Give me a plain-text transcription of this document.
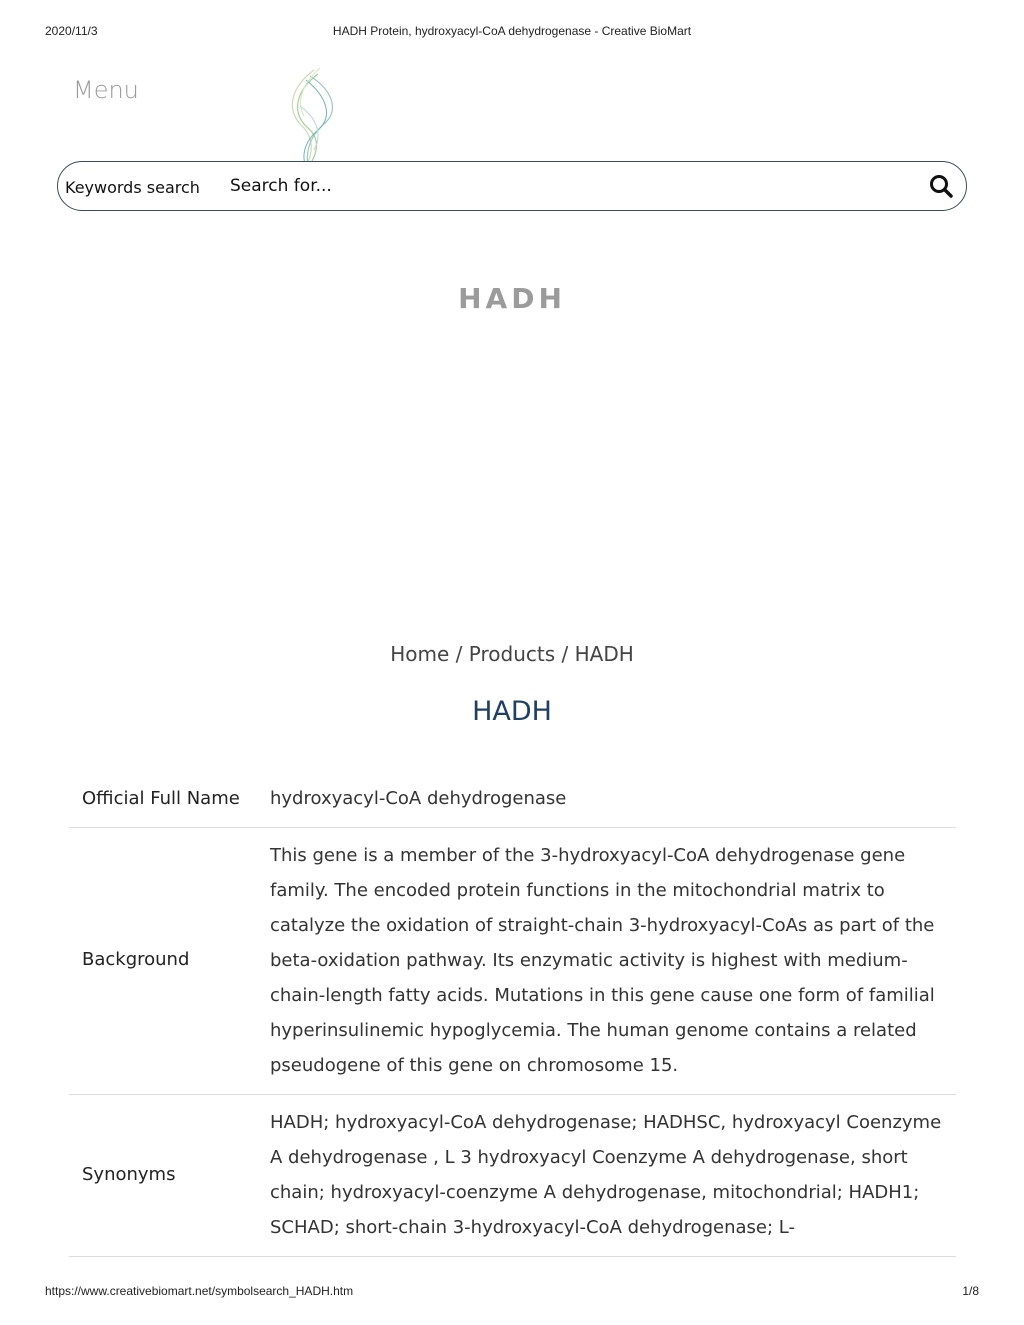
2020/11/3	HADH Protein, hydroxyacyl-CoA dehydrogenase - Creative BioMart
Menu
Keywords search
Search for...
HADH
Home / Products / HADH
HADH
Official Full Name hydroxyacyl-CoA dehydrogenase
Background
This gene is a member of the 3-hydroxyacyl-CoA dehydrogenase gene family. The encoded protein functions in the mitochondrial matrix to catalyze the oxidation of straight-chain 3-hydroxyacyl-CoAs as part of the beta-oxidation pathway. Its enzymatic activity is highest with medium-chain-length fatty acids. Mutations in this gene cause one form of familial hyperinsulinemic hypoglycemia. The human genome contains a related pseudogene of this gene on chromosome 15.
Synonyms
HADH; hydroxyacyl-CoA dehydrogenase; HADHSC, hydroxyacyl Coenzyme A dehydrogenase , L 3 hydroxyacyl Coenzyme A dehydrogenase, short chain; hydroxyacyl-coenzyme A dehydrogenase, mitochondrial; HADH1; SCHAD; short-chain 3-hydroxyacyl-CoA dehydrogenase; L-
https://www.creativebiomart.net/symbolsearch_HADH.htm	1/8
